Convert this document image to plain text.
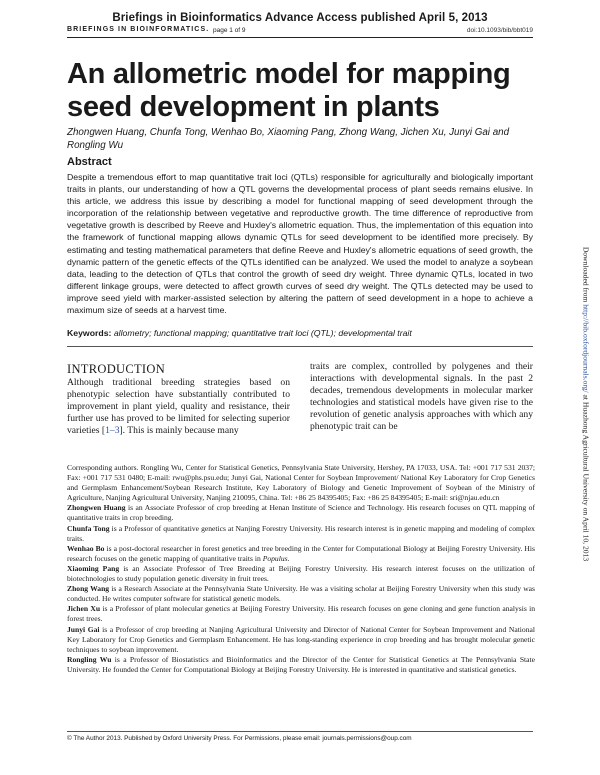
Briefings in Bioinformatics Advance Access published April 5, 2013
BRIEFINGS IN BIOINFORMATICS. page 1 of 9	doi:10.1093/bib/bbt019
An allometric model for mapping seed development in plants
Zhongwen Huang, Chunfa Tong, Wenhao Bo, Xiaoming Pang, Zhong Wang, Jichen Xu, Junyi Gai and Rongling Wu
Abstract
Despite a tremendous effort to map quantitative trait loci (QTLs) responsible for agriculturally and biologically important traits in plants, our understanding of how a QTL governs the developmental process of plant seeds remains elusive. In this article, we address this issue by describing a model for functional mapping of seed development through the incorporation of the relationship between vegetative and reproductive growth. The time difference of reproductive from vegetative growth is described by Reeve and Huxley's allometric equation. Thus, the implementation of this equation into the framework of functional mapping allows dynamic QTLs for seed development to be identified more precisely. By estimating and testing mathematical parameters that define Reeve and Huxley's allometric equations of seed growth, the dynamic pattern of the genetic effects of the QTLs identified can be analyzed. We used the model to analyze a soybean data, leading to the detection of QTLs that control the growth of seed dry weight. Three dynamic QTLs, located in two different linkage groups, were detected to affect growth curves of seed dry weight. The QTLs detected may be used to improve seed yield with marker-assisted selection by altering the pattern of seed development in a hope to achieve a maximum size of seeds at a harvest time.
Keywords: allometry; functional mapping; quantitative trait loci (QTL); developmental trait
INTRODUCTION
Although traditional breeding strategies based on phenotypic selection have substantially contributed to improvement in plant yield, quality and resistance, their further use has proved to be limited for selecting superior varieties [1–3]. This is mainly because many
traits are complex, controlled by polygenes and their interactions with developmental signals. In the past 2 decades, tremendous developments in molecular marker technologies and statistical models have given rise to the revolution of genetic analysis approaches with which any phenotypic trait can be

Corresponding authors. Rongling Wu, Center for Statistical Genetics, Pennsylvania State University, Hershey, PA 17033, USA. Tel: +001 717 531 2037; Fax: +001 717 531 0480; E-mail: rwu@phs.psu.edu; Junyi Gai, National Center for Soybean Improvement/ National Key Laboratory for Crop Genetics and Germplasm Enhancement/Soybean Research Institute, Key Laboratory of Biology and Genetic Improvement of Soybean of the Ministry of Agriculture, Nanjing Agricultural University, Nanjing 210095, China. Tel: +86 25 84395405; Fax: +86 25 84395405; E-mail: sri@njau.edu.cn

Zhongwen Huang is an Associate Professor of crop breeding at Henan Institute of Science and Technology. His research focuses on QTL mapping of quantitative traits in crop breeding.

Chunfa Tong is a Professor of quantitative genetics at Nanjing Forestry University. His research interest is in genetic mapping and modeling of complex traits.

Wenhao Bo is a post-doctoral researcher in forest genetics and tree breeding in the Center for Computational Biology at Beijing Forestry University. His research focuses on the genetic mapping of quantitative traits in Populus.

Xiaoming Pang is an Associate Professor of Tree Breeding at Beijing Forestry University. His research interest focuses on the utilization of biotechnologies to study population genetic diversity in fruit trees.

Zhong Wang is a Research Associate at the Pennsylvania State University. He was a visiting scholar at Beijing Forestry University when this study was conducted. He writes computer software for statistical genetic models.

Jichen Xu is a Professor of plant molecular genetics at Beijing Forestry University. His research focuses on gene cloning and gene function analysis in forest trees.

Junyi Gai is a Professor of crop breeding at Nanjing Agricultural University and Director of National Center for Soybean Improvement and National Key Laboratory for Crop Genetics and Germplasm Enhancement. He has long-standing experience in crop breeding and has brought molecular genetic techniques to soybean improvement.

Rongling Wu is a Professor of Biostatistics and Bioinformatics and the Director of the Center for Statistical Genetics at The Pennsylvania State University. He founded the Center for Computational Biology at Beijing Forestry University. He is interested in quantitative and statistical genetics.

© The Author 2013. Published by Oxford University Press. For Permissions, please email: journals.permissions@oup.com
Downloaded from http://bib.oxfordjournals.org/ at Huazhong Agricultural University on April 10, 2013
